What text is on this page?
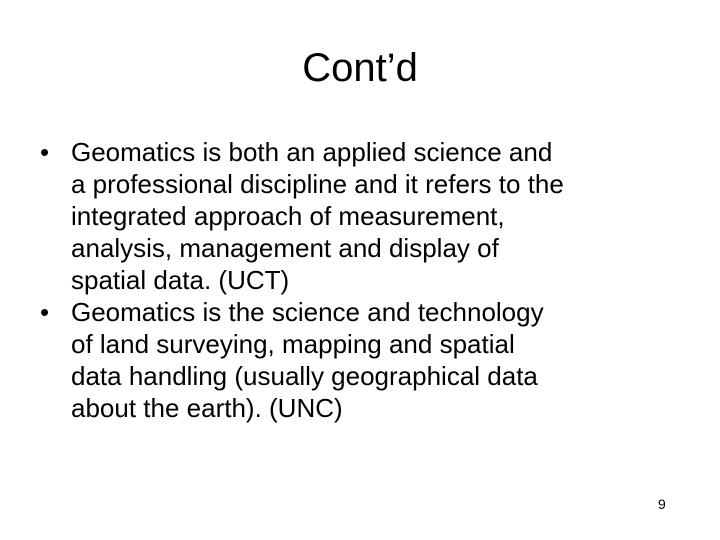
Cont’d
• Geomatics is both an applied science and
a professional discipline and it refers to the
integrated approach of measurement,
analysis, management and display of
spatial data. (UCT)
• Geomatics is the science and technology
of land surveying, mapping and spatial
data handling (usually geographical data
about the earth). (UNC)
9
